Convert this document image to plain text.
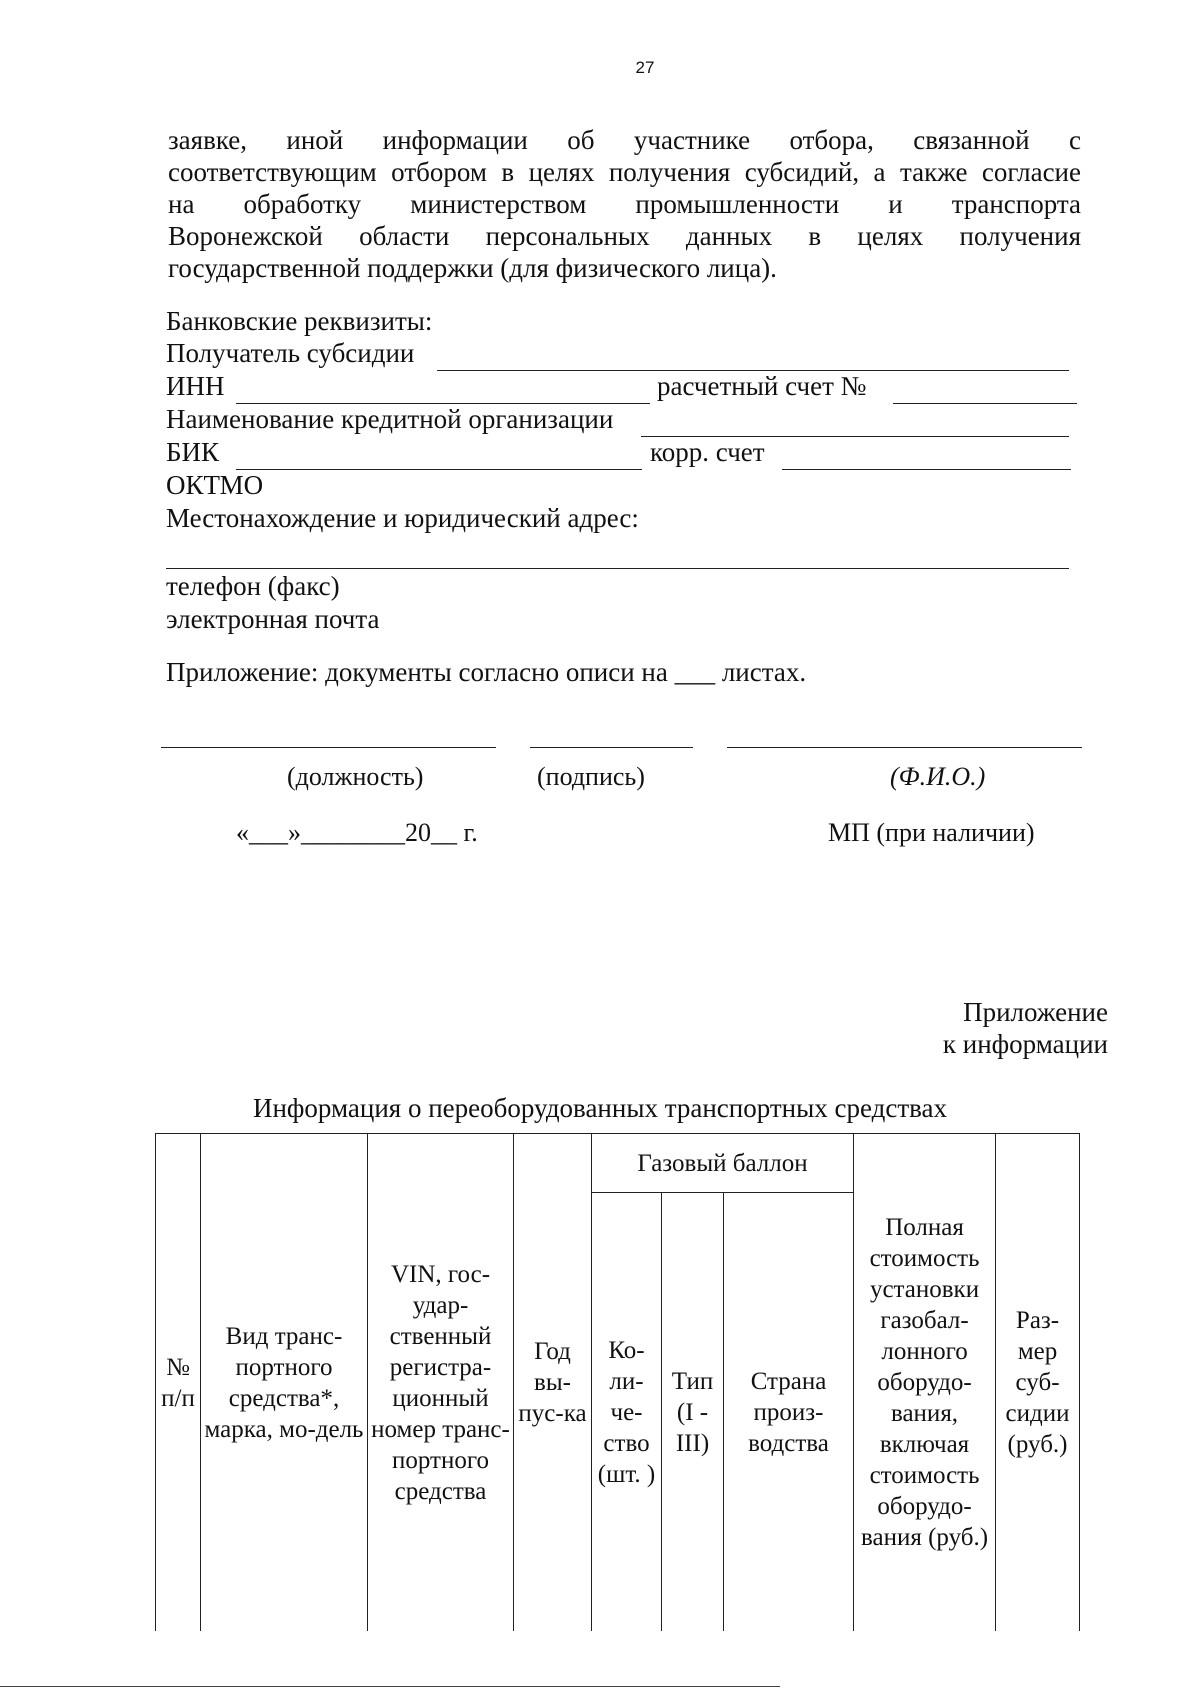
27
заявке, иной информации об участнике отбора, связанной с
соответствующим отбором в целях получения субсидий, а также согласие
на обработку министерством промышленности и транспорта
Воронежской области персональных данных в целях получения
государственной поддержки (для физического лица).
Банковские реквизиты:
Получатель субсидии
ИНН	расчетный счет №
Наименование кредитной организации
БИК	корр. счет
ОКТМО
Местонахождение и юридический адрес:
телефон (факс)
электронная почта
Приложение: документы согласно описи на ___ листах.
(должность)	(подпись)	(Ф.И.О.)
«___»________20__ г.	МП (при наличии)
Приложение
к информации
Информация о переоборудованных транспортных средствах
№ п/п	Вид транс-портного средства*, марка, мо-дель	VIN, гос-удар-ственный регистра-ционный номер транс-портного средства	Год вы-пус-ка	Газовый баллон			Полная стоимость установки газобал-лонного оборудо-вания, включая стоимость оборудо-вания (руб.)	Раз-мер суб-сидии (руб.)
				Ко-ли-че-ство (шт. )	Тип (I - III)	Страна произ-водства		
